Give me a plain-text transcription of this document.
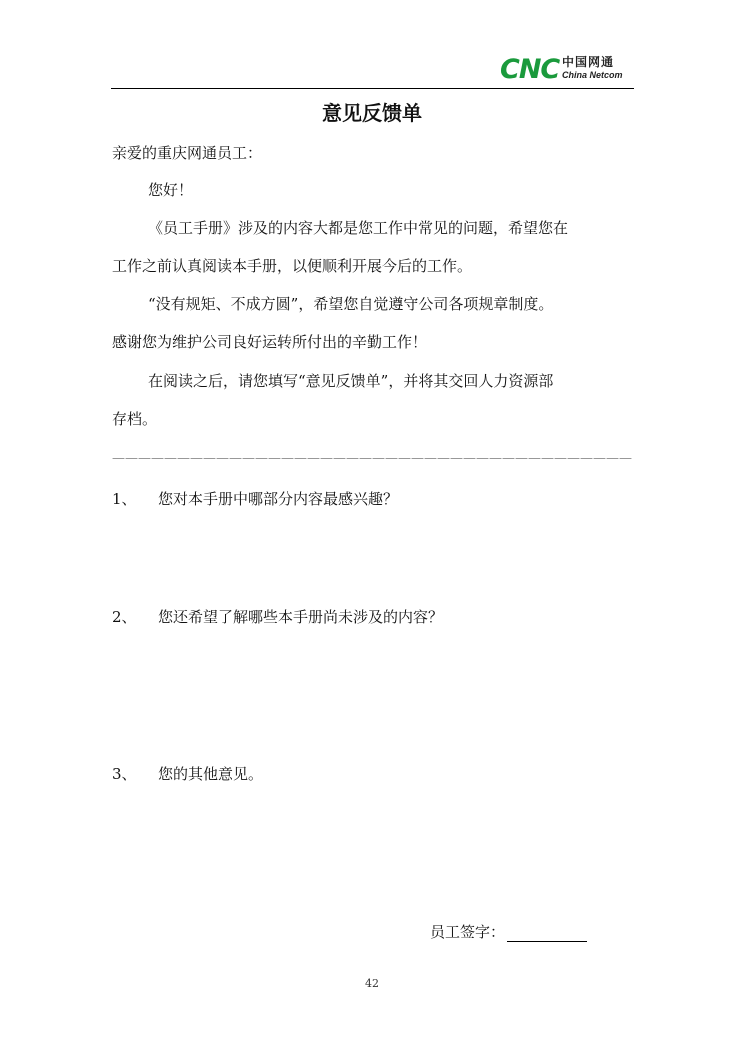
CNC 中国网通
China Netcom
意见反馈单
亲爱的重庆网通员工：
您好！
《员工手册》涉及的内容大都是您工作中常见的问题，希望您在
工作之前认真阅读本手册，以便顺利开展今后的工作。
“没有规矩、不成方圆”，希望您自觉遵守公司各项规章制度。
感谢您为维护公司良好运转所付出的辛勤工作！
在阅读之后，请您填写“意见反馈单”，并将其交回人力资源部
存档。
————————————————————————————————————————
1、 您对本手册中哪部分内容最感兴趣？
2、 您还希望了解哪些本手册尚未涉及的内容？
3、 您的其他意见。
员工签字：
42
